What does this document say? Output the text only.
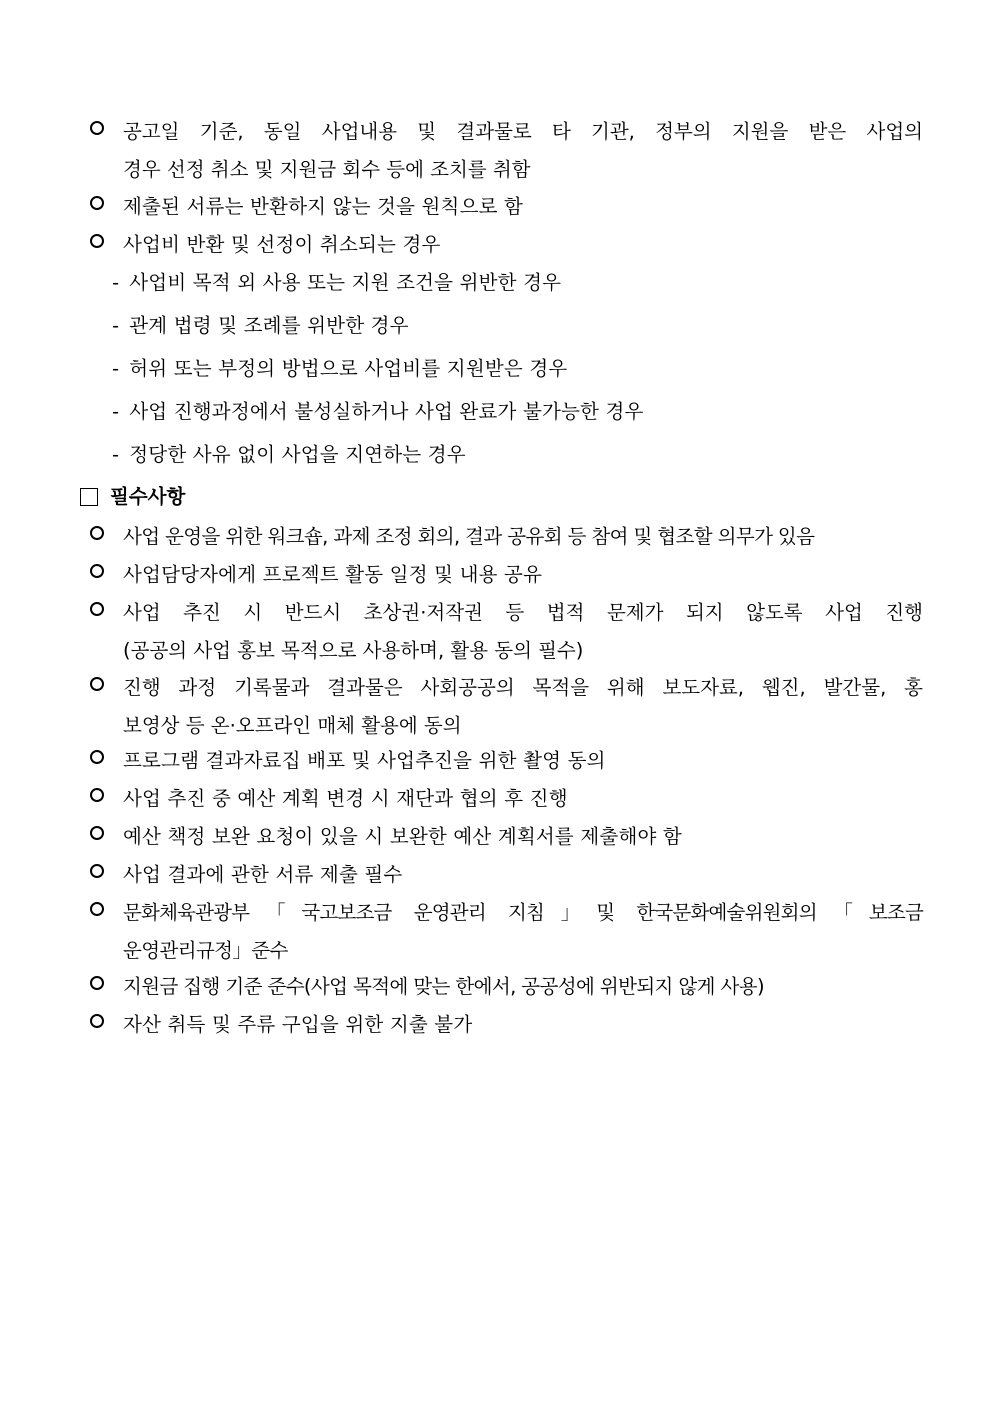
공고일 기준, 동일 사업내용 및 결과물로 타 기관, 정부의 지원을 받은 사업의
경우 선정 취소 및 지원금 회수 등에 조치를 취함
제출된 서류는 반환하지 않는 것을 원칙으로 함
사업비 반환 및 선정이 취소되는 경우
- 사업비 목적 외 사용 또는 지원 조건을 위반한 경우
- 관계 법령 및 조례를 위반한 경우
- 허위 또는 부정의 방법으로 사업비를 지원받은 경우
- 사업 진행과정에서 불성실하거나 사업 완료가 불가능한 경우
- 정당한 사유 없이 사업을 지연하는 경우
필수사항
사업 운영을 위한 워크숍, 과제 조정 회의, 결과 공유회 등 참여 및 협조할 의무가 있음
사업담당자에게 프로젝트 활동 일정 및 내용 공유
사업 추진 시 반드시 초상권·저작권 등 법적 문제가 되지 않도록 사업 진행
(공공의 사업 홍보 목적으로 사용하며, 활용 동의 필수)
진행 과정 기록물과 결과물은 사회공공의 목적을 위해 보도자료, 웹진, 발간물, 홍
보영상 등 온·오프라인 매체 활용에 동의
프로그램 결과자료집 배포 및 사업추진을 위한 촬영 동의
사업 추진 중 예산 계획 변경 시 재단과 협의 후 진행
예산 책정 보완 요청이 있을 시 보완한 예산 계획서를 제출해야 함
사업 결과에 관한 서류 제출 필수
문화체육관광부「국고보조금 운영관리 지침」및 한국문화예술위원회의「보조금
운영관리규정」준수
지원금 집행 기준 준수(사업 목적에 맞는 한에서, 공공성에 위반되지 않게 사용)
자산 취득 및 주류 구입을 위한 지출 불가
